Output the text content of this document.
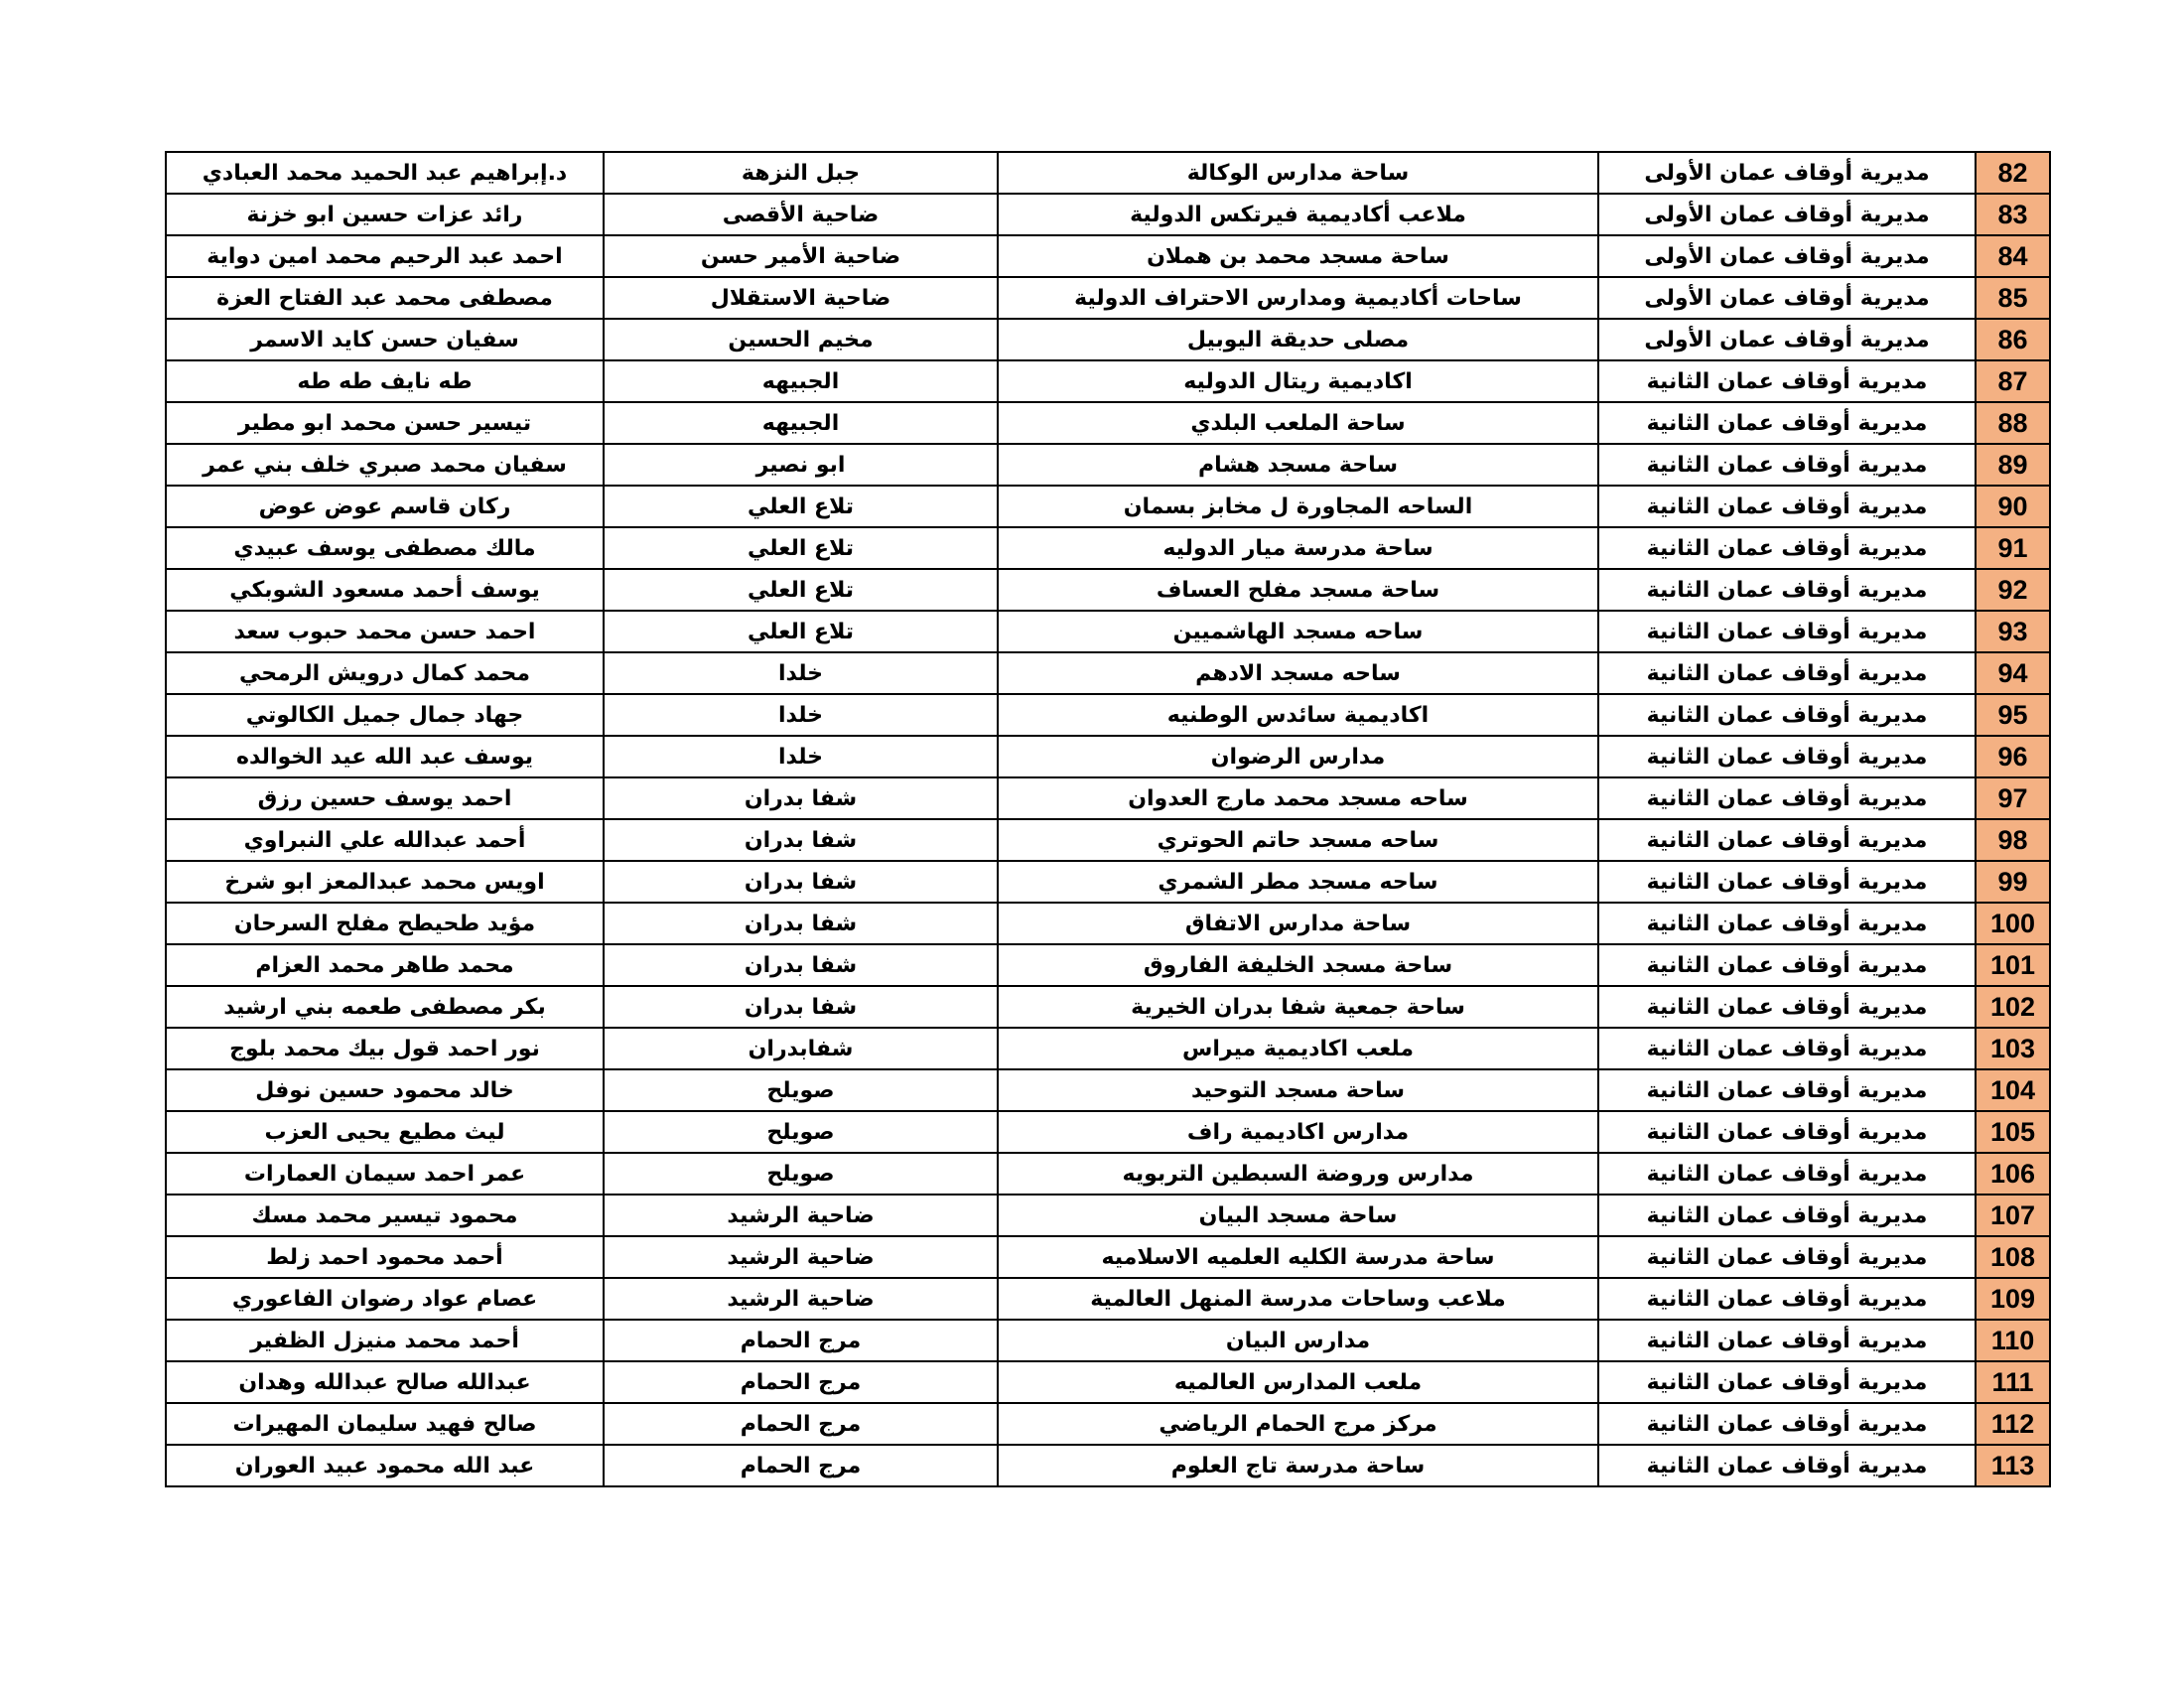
82	مديرية أوقاف عمان الأولى	ساحة مدارس الوكالة	جبل النزهة	د.إبراهيم عبد الحميد محمد العبادي
83	مديرية أوقاف عمان الأولى	ملاعب أكاديمية فيرتكس الدولية	ضاحية الأقصى	رائد عزات حسين ابو خزنة
84	مديرية أوقاف عمان الأولى	ساحة مسجد محمد بن هملان	ضاحية الأمير حسن	احمد عبد الرحيم محمد امين دواية
85	مديرية أوقاف عمان الأولى	ساحات أكاديمية ومدارس الاحتراف الدولية	ضاحية الاستقلال	مصطفى محمد عبد الفتاح العزة
86	مديرية أوقاف عمان الأولى	مصلى حديقة اليوبيل	مخيم الحسين	سفيان حسن كايد الاسمر
87	مديرية أوقاف عمان الثانية	اكاديمية ريتال الدوليه	الجبيهه	طه نايف طه طه
88	مديرية أوقاف عمان الثانية	ساحة الملعب البلدي	الجبيهه	تيسير حسن محمد ابو مطير
89	مديرية أوقاف عمان الثانية	ساحة مسجد هشام	ابو نصير	سفيان محمد صبري خلف بني عمر
90	مديرية أوقاف عمان الثانية	الساحه المجاورة ل مخابز بسمان	تلاع العلي	ركان قاسم عوض عوض
91	مديرية أوقاف عمان الثانية	ساحة مدرسة ميار الدوليه	تلاع العلي	مالك مصطفى يوسف عبيدي
92	مديرية أوقاف عمان الثانية	ساحة مسجد مفلح العساف	تلاع العلي	يوسف أحمد مسعود الشوبكي
93	مديرية أوقاف عمان الثانية	ساحه مسجد الهاشميين	تلاع العلي	احمد حسن محمد حبوب سعد
94	مديرية أوقاف عمان الثانية	ساحه مسجد الادهم	خلدا	محمد كمال درويش الرمحي
95	مديرية أوقاف عمان الثانية	اكاديمية سائدس الوطنيه	خلدا	جهاد جمال جميل الكالوتي
96	مديرية أوقاف عمان الثانية	مدارس الرضوان	خلدا	يوسف عبد الله عيد الخوالده
97	مديرية أوقاف عمان الثانية	ساحه مسجد محمد مارج العدوان	شفا بدران	احمد يوسف حسين رزق
98	مديرية أوقاف عمان الثانية	ساحه مسجد حاتم الحوتري	شفا بدران	أحمد عبدالله علي النبراوي
99	مديرية أوقاف عمان الثانية	ساحه مسجد مطر الشمري	شفا بدران	اويس محمد عبدالمعز ابو شرخ
100	مديرية أوقاف عمان الثانية	ساحة مدارس الاتفاق	شفا بدران	مؤيد طحيطح مفلح السرحان
101	مديرية أوقاف عمان الثانية	ساحة مسجد الخليفة الفاروق	شفا بدران	محمد طاهر محمد العزام
102	مديرية أوقاف عمان الثانية	ساحة جمعية شفا بدران الخيرية	شفا بدران	بكر مصطفى طعمه بني ارشيد
103	مديرية أوقاف عمان الثانية	ملعب اكاديمية ميراس	شفابدران	نور احمد قول بيك محمد بلوج
104	مديرية أوقاف عمان الثانية	ساحة مسجد التوحيد	صويلح	خالد محمود حسين نوفل
105	مديرية أوقاف عمان الثانية	مدارس اكاديمية راف	صويلح	ليث مطيع يحيى العزب
106	مديرية أوقاف عمان الثانية	مدارس وروضة السبطين التربويه	صويلح	عمر احمد سيمان العمارات
107	مديرية أوقاف عمان الثانية	ساحة مسجد البيان	ضاحية الرشيد	محمود تيسير محمد مسك
108	مديرية أوقاف عمان الثانية	ساحة مدرسة الكليه العلميه الاسلاميه	ضاحية الرشيد	أحمد محمود احمد زلط
109	مديرية أوقاف عمان الثانية	ملاعب وساحات مدرسة المنهل العالمية	ضاحية الرشيد	عصام عواد رضوان الفاعوري
110	مديرية أوقاف عمان الثانية	مدارس البيان	مرج الحمام	أحمد محمد منيزل الظفير
111	مديرية أوقاف عمان الثانية	ملعب المدارس العالميه	مرج الحمام	عبدالله صالح عبدالله وهدان
112	مديرية أوقاف عمان الثانية	مركز مرج الحمام الرياضي	مرج الحمام	صالح فهيد سليمان المهيرات
113	مديرية أوقاف عمان الثانية	ساحة مدرسة تاج العلوم	مرج الحمام	عبد الله محمود عبيد العوران
